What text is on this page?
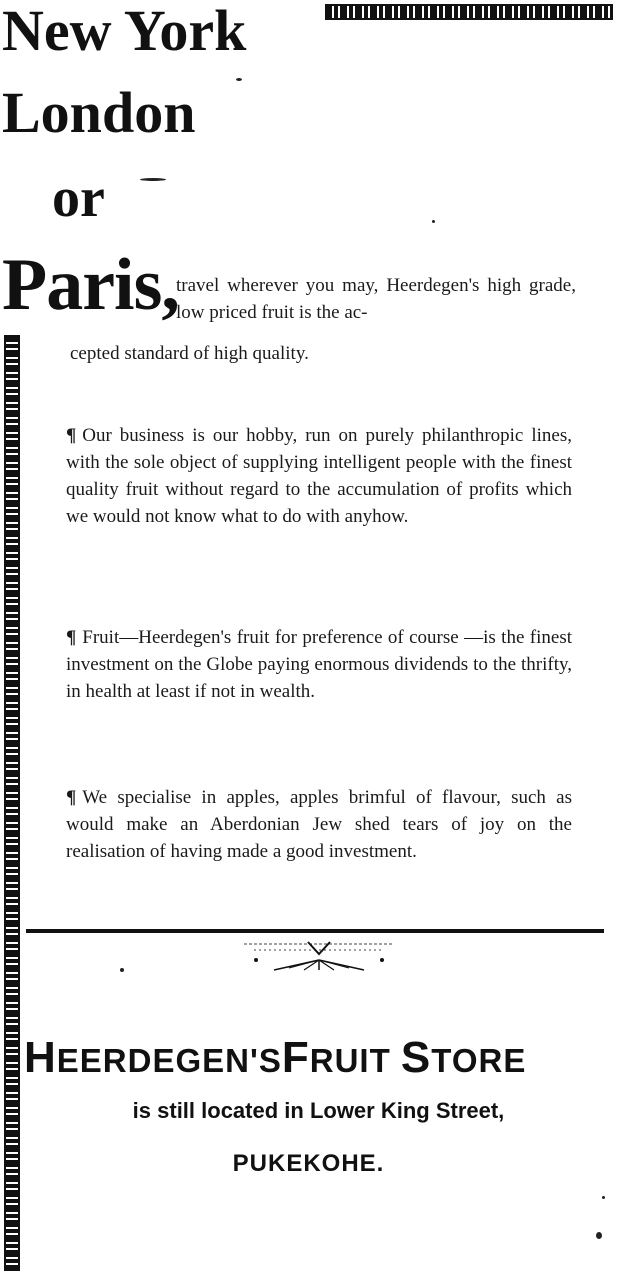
New York
London
or
Paris,
travel wherever you may, Heerdegen's high grade, low priced fruit is the ac-
cepted standard of high quality.
¶ Our business is our hobby, run on purely philanthropic lines, with the sole object of supplying intelligent people with the finest quality fruit without regard to the accumulation of profits which we would not know what to do with anyhow.
¶ Fruit—Heerdegen's fruit for preference of course —is the finest investment on the Globe paying enormous dividends to the thrifty, in health at least if not in wealth.
¶ We specialise in apples, apples brimful of flavour, such as would make an Aberdonian Jew shed tears of joy on the realisation of having made a good investment.
HEERDEGEN'SFRUIT STORE
is still located in Lower King Street,
PUKEKOHE.
